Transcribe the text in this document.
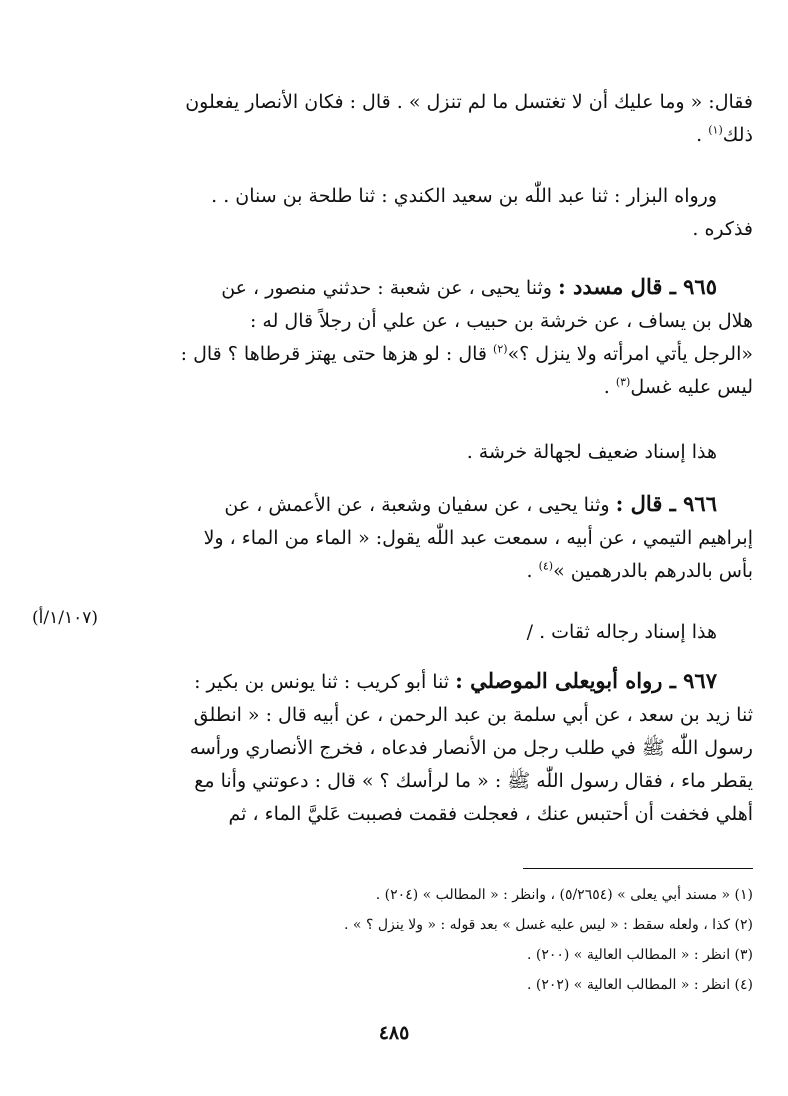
فقال: « وما عليك أن لا تغتسل ما لم تنزل » . قال : فكان الأنصار يفعلون
ذلك$^{(١)}$ .
ورواه البزار : ثنا عبد اللّٰه بن سعيد الكندي : ثنا طلحة بن سنان . .
فذكره .
٩٦٥ ـ قال مسدد : وثنا يحيى ، عن شعبة : حدثني منصور ، عن
هلال بن يساف ، عن خرشة بن حبيب ، عن علي أن رجلاً قال له :
«الرجل يأتي امرأته ولا ينزل ؟»$^{(٢)}$ قال : لو هزها حتى يهتز قرطاها ؟ قال :
ليس عليه غسل$^{(٣)}$ .
هذا إسناد ضعيف لجهالة خرشة .
٩٦٦ ـ قال : وثنا يحيى ، عن سفيان وشعبة ، عن الأعمش ، عن
إبراهيم التيمي ، عن أبيه ، سمعت عبد اللّٰه يقول: « الماء من الماء ، ولا
بأس بالدرهم بالدرهمين »$^{(٤)}$ .
هذا إسناد رجاله ثقات . /
(١/١٠٧/أ)
٩٦٧ ـ رواه أبويعلى الموصلي : ثنا أبو كريب : ثنا يونس بن بكير :
ثنا زيد بن سعد ، عن أبي سلمة بن عبد الرحمن ، عن أبيه قال : « انطلق
رسول اللّٰه ﷺ في طلب رجل من الأنصار فدعاه ، فخرج الأنصاري ورأسه
يقطر ماء ، فقال رسول اللّٰه ﷺ : « ما لرأسك ؟ » قال : دعوتني وأنا مع
أهلي فخفت أن أحتبس عنك ، فعجلت فقمت فصببت عَليَّ الماء ، ثم
(١) « مسند أبي يعلى » (٥/٢٦٥٤) ، وانظر : « المطالب » (٢٠٤) .
(٢) كذا ، ولعله سقط : « ليس عليه غسل » بعد قوله : « ولا ينزل ؟ » .
(٣) انظر : « المطالب العالية » (٢٠٠) .
(٤) انظر : « المطالب العالية » (٢٠٢) .
٤٨٥
